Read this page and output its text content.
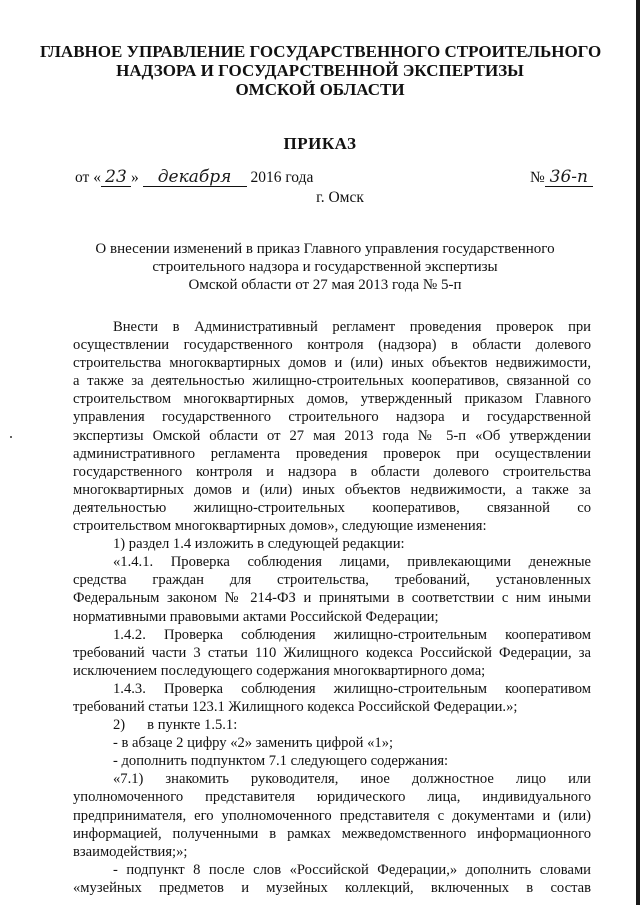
ГЛАВНОЕ УПРАВЛЕНИЕ ГОСУДАРСТВЕННОГО СТРОИТЕЛЬНОГО
НАДЗОРА И ГОСУДАРСТВЕННОЙ ЭКСПЕРТИЗЫ
ОМСКОЙ ОБЛАСТИ
ПРИКАЗ
от « 23 » декабря 2016 года	№ 36-п
г. Омск
О внесении изменений в приказ Главного управления государственного
строительного надзора и государственной экспертизы
Омской области от 27 мая 2013 года № 5-п

Внести в Административный регламент проведения проверок при
осуществлении государственного контроля (надзора) в области долевого
строительства многоквартирных домов и (или) иных объектов недвижимости,
а также за деятельностью жилищно-строительных кооперативов, связанной со
строительством многоквартирных домов, утвержденный приказом Главного
управления государственного строительного надзора и государственной
экспертизы Омской области от 27 мая 2013 года № 5-п «Об утверждении
административного регламента проведения проверок при осуществлении
государственного контроля и надзора в области долевого строительства
многоквартирных домов и (или) иных объектов недвижимости, а также за
деятельностью жилищно-строительных кооперативов, связанной со
строительством многоквартирных домов», следующие изменения:

1) раздел 1.4 изложить в следующей редакции:

«1.4.1. Проверка соблюдения лицами, привлекающими денежные
средства граждан для строительства, требований, установленных
Федеральным законом № 214-ФЗ и принятыми в соответствии с ним иными
нормативными правовыми актами Российской Федерации;

1.4.2. Проверка соблюдения жилищно-строительным кооперативом
требований части 3 статьи 110 Жилищного кодекса Российской Федерации, за
исключением последующего содержания многоквартирного дома;

1.4.3. Проверка соблюдения жилищно-строительным кооперативом
требований статьи 123.1 Жилищного кодекса Российской Федерации.»;

2) в пункте 1.5.1:

- в абзаце 2 цифру «2» заменить цифрой «1»;

- дополнить подпунктом 7.1 следующего содержания:

«7.1) знакомить руководителя, иное должностное лицо или
уполномоченного представителя юридического лица, индивидуального
предпринимателя, его уполномоченного представителя с документами и (или)
информацией, полученными в рамках межведомственного информационного
взаимодействия;»;

- подпункт 8 после слов «Российской Федерации,» дополнить словами
«музейных предметов и музейных коллекций, включенных в состав
